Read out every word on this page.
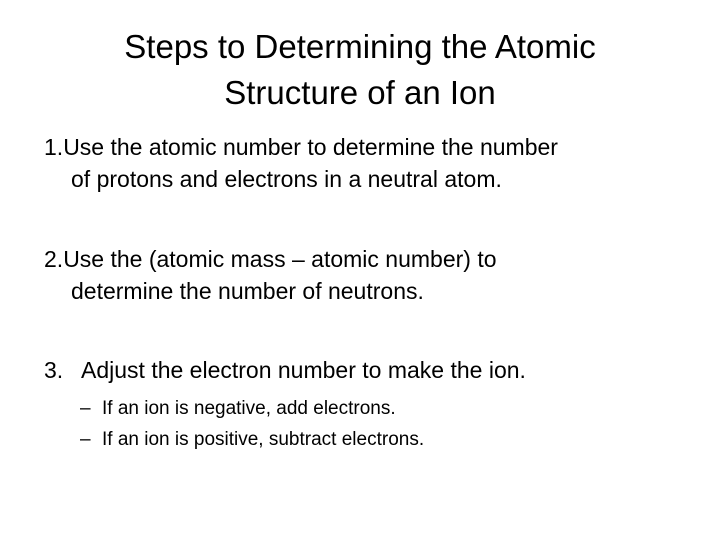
Steps to Determining the Atomic
Structure of an Ion
1.Use the atomic number to determine the number
of protons and electrons in a neutral atom.
2.Use the (atomic mass – atomic number) to
determine the number of neutrons.
3. Adjust the electron number to make the ion.
– If an ion is negative, add electrons.
– If an ion is positive, subtract electrons.
